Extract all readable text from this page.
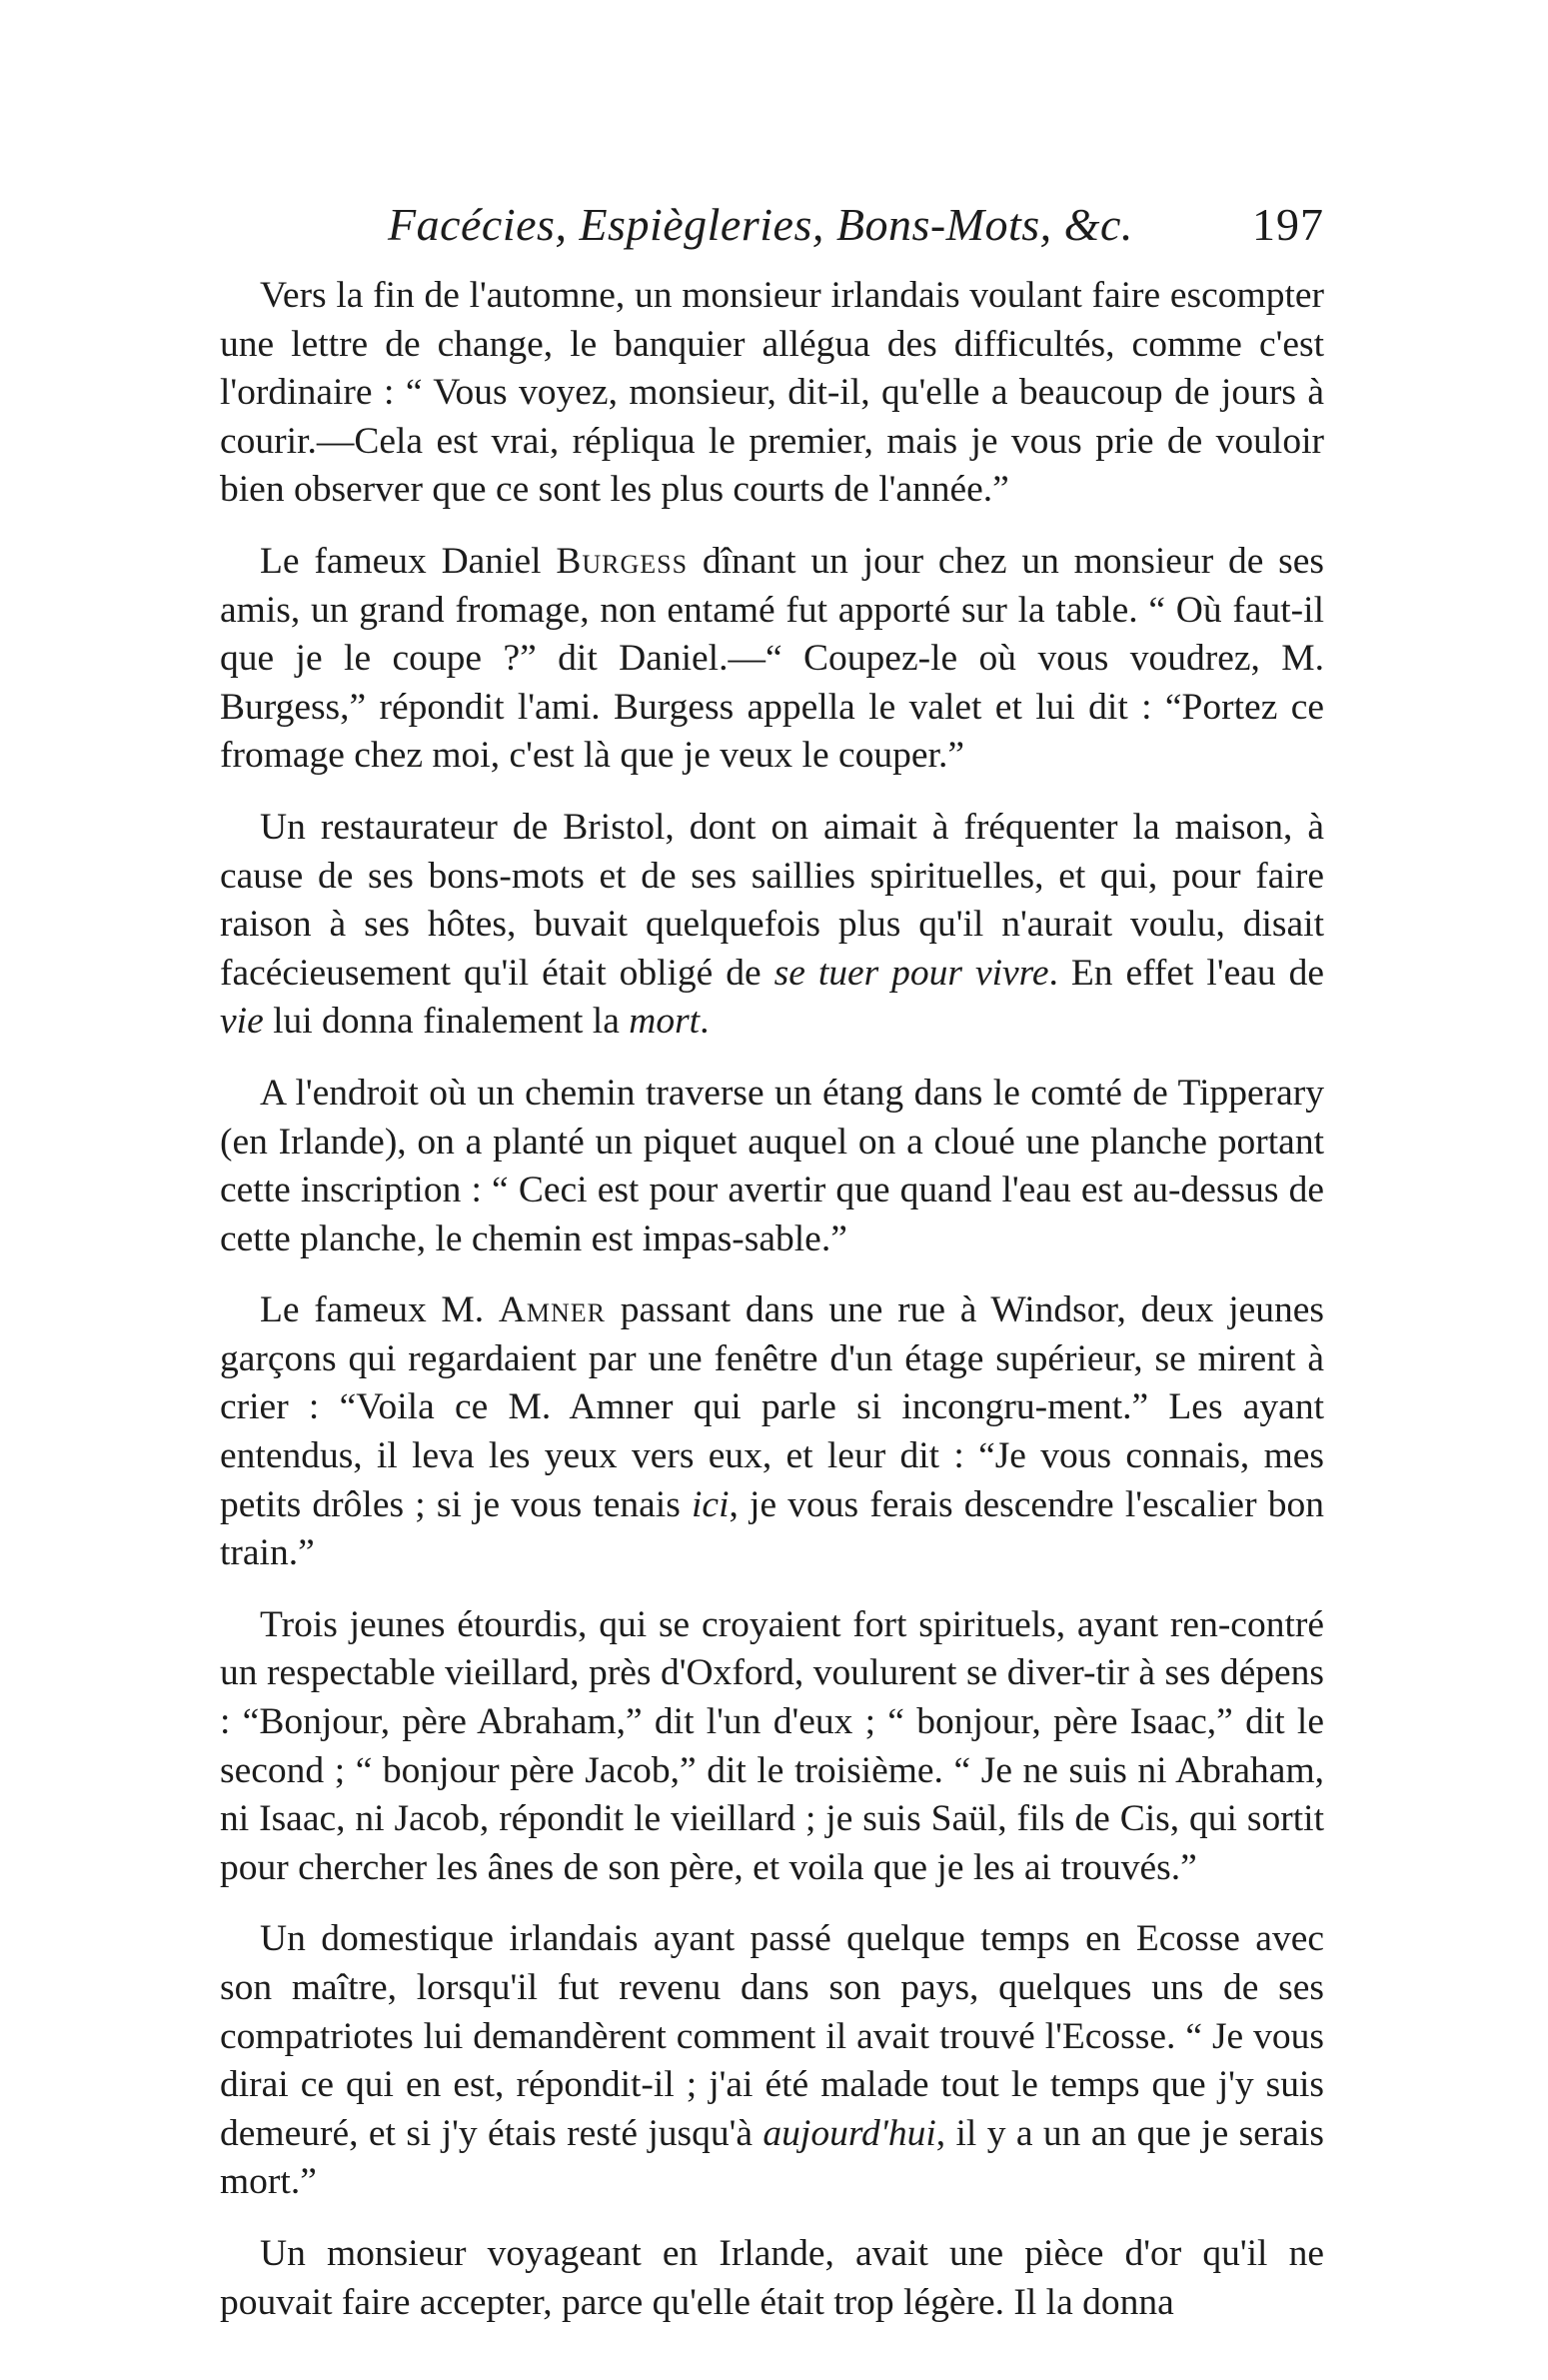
Facécies, Espiègleries, Bons-Mots, &c.	197

Vers la fin de l'automne, un monsieur irlandais voulant faire escompter une lettre de change, le banquier allégua des difficultés, comme c'est l'ordinaire : “ Vous voyez, monsieur, dit-il, qu'elle a beaucoup de jours à courir.—Cela est vrai, répliqua le premier, mais je vous prie de vouloir bien observer que ce sont les plus courts de l'année.”

Le fameux Daniel Burgess dînant un jour chez un monsieur de ses amis, un grand fromage, non entamé fut apporté sur la table. “ Où faut-il que je le coupe ?” dit Daniel.—“ Coupez-le où vous voudrez, M. Burgess,” répondit l'ami. Burgess appella le valet et lui dit : “Portez ce fromage chez moi, c'est là que je veux le couper.”

Un restaurateur de Bristol, dont on aimait à fréquenter la maison, à cause de ses bons-mots et de ses saillies spirituelles, et qui, pour faire raison à ses hôtes, buvait quelquefois plus qu'il n'aurait voulu, disait facécieusement qu'il était obligé de se tuer pour vivre. En effet l'eau de vie lui donna finalement la mort.

A l'endroit où un chemin traverse un étang dans le comté de Tipperary (en Irlande), on a planté un piquet auquel on a cloué une planche portant cette inscription : “ Ceci est pour avertir que quand l'eau est au-dessus de cette planche, le chemin est impas-sable.”

Le fameux M. Amner passant dans une rue à Windsor, deux jeunes garçons qui regardaient par une fenêtre d'un étage supérieur, se mirent à crier : “Voila ce M. Amner qui parle si incongru-ment.” Les ayant entendus, il leva les yeux vers eux, et leur dit : “Je vous connais, mes petits drôles ; si je vous tenais ici, je vous ferais descendre l'escalier bon train.”

Trois jeunes étourdis, qui se croyaient fort spirituels, ayant ren-contré un respectable vieillard, près d'Oxford, voulurent se diver-tir à ses dépens : “Bonjour, père Abraham,” dit l'un d'eux ; “ bonjour, père Isaac,” dit le second ; “ bonjour père Jacob,” dit le troisième. “ Je ne suis ni Abraham, ni Isaac, ni Jacob, répondit le vieillard ; je suis Saül, fils de Cis, qui sortit pour chercher les ânes de son père, et voila que je les ai trouvés.”

Un domestique irlandais ayant passé quelque temps en Ecosse avec son maître, lorsqu'il fut revenu dans son pays, quelques uns de ses compatriotes lui demandèrent comment il avait trouvé l'Ecosse. “ Je vous dirai ce qui en est, répondit-il ; j'ai été malade tout le temps que j'y suis demeuré, et si j'y étais resté jusqu'à aujourd'hui, il y a un an que je serais mort.”

Un monsieur voyageant en Irlande, avait une pièce d'or qu'il ne pouvait faire accepter, parce qu'elle était trop légère. Il la donna
